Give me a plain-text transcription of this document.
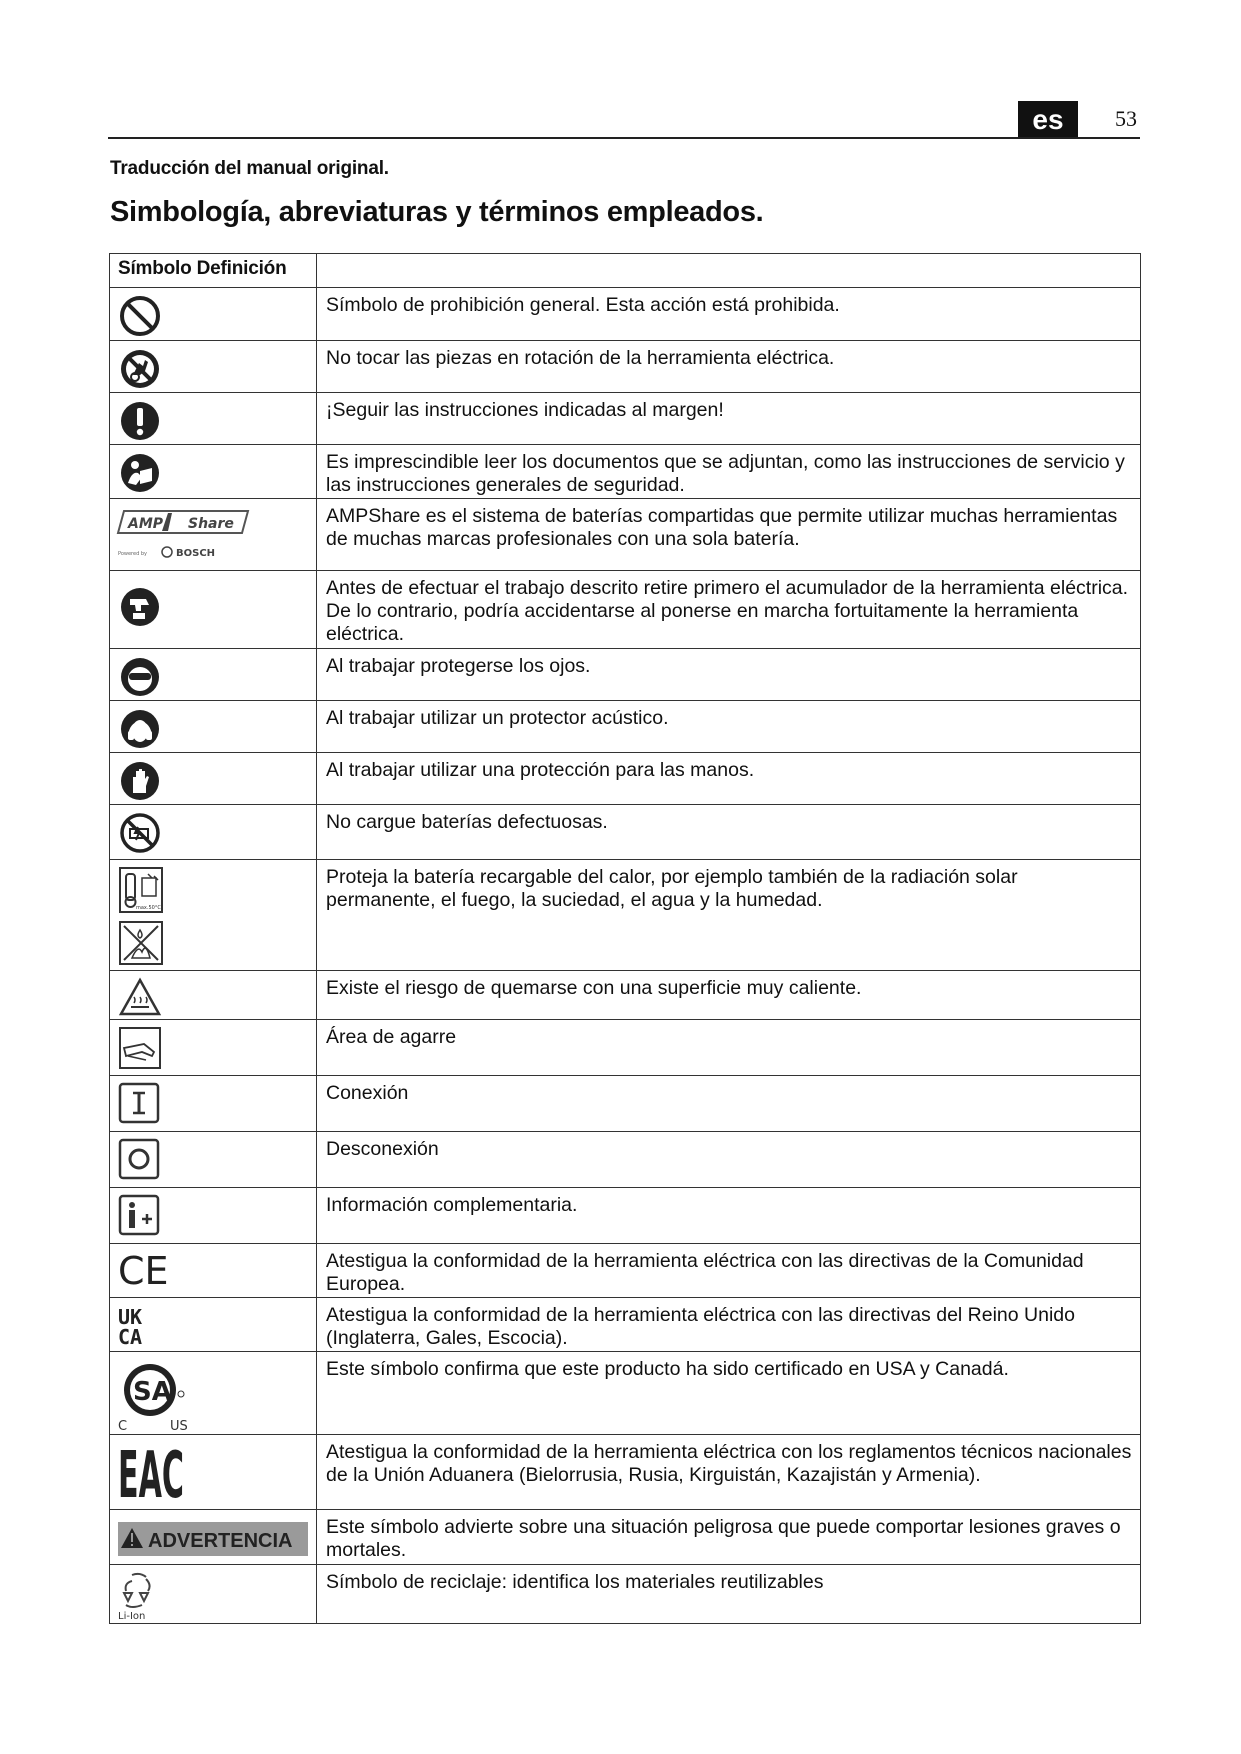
es	53
Traducción del manual original.
Simbología, abreviaturas y términos empleados.
Símbolo Definición	

	Símbolo de prohibición general. Esta acción está prohibida.

	No tocar las piezas en rotación de la herramienta eléctrica.

	¡Seguir las instrucciones indicadas al margen!

	Es imprescindible leer los documentos que se adjuntan, como las instrucciones de servicio y las instrucciones generales de seguridad.

AMP Share
Powered by BOSCH	AMPShare es el sistema de baterías compartidas que permite utilizar muchas herramientas de muchas marcas profesionales con una sola batería.

	Antes de efectuar el trabajo descrito retire primero el acumulador de la herramienta eléctrica. De lo contrario, podría accidentarse al ponerse en marcha fortuitamente la herramienta eléctrica.

	Al trabajar protegerse los ojos.

	Al trabajar utilizar un protector acústico.

	Al trabajar utilizar una protección para las manos.

	No cargue baterías defectuosas.

max.50°C	Proteja la batería recargable del calor, por ejemplo también de la radiación solar permanente, el fuego, la suciedad, el agua y la humedad.

	Existe el riesgo de quemarse con una superficie muy caliente.

	Área de agarre

	Conexión

	Desconexión

	Información complementaria.

CE	Atestigua la conformidad de la herramienta eléctrica con las directivas de la Comunidad Europea.

UK
CA	Atestigua la conformidad de la herramienta eléctrica con las directivas del Reino Unido (Inglaterra, Gales, Escocia).

SA
C US	Este símbolo confirma que este producto ha sido certificado en USA y Canadá.

EAC	Atestigua la conformidad de la herramienta eléctrica con los reglamentos técnicos nacionales de la Unión Aduanera (Bielorrusia, Rusia, Kirguistán, Kazajistán y Armenia).

ADVERTENCIA	Este símbolo advierte sobre una situación peligrosa que puede comportar lesiones graves o mortales.

Li-Ion	Símbolo de reciclaje: identifica los materiales reutilizables
